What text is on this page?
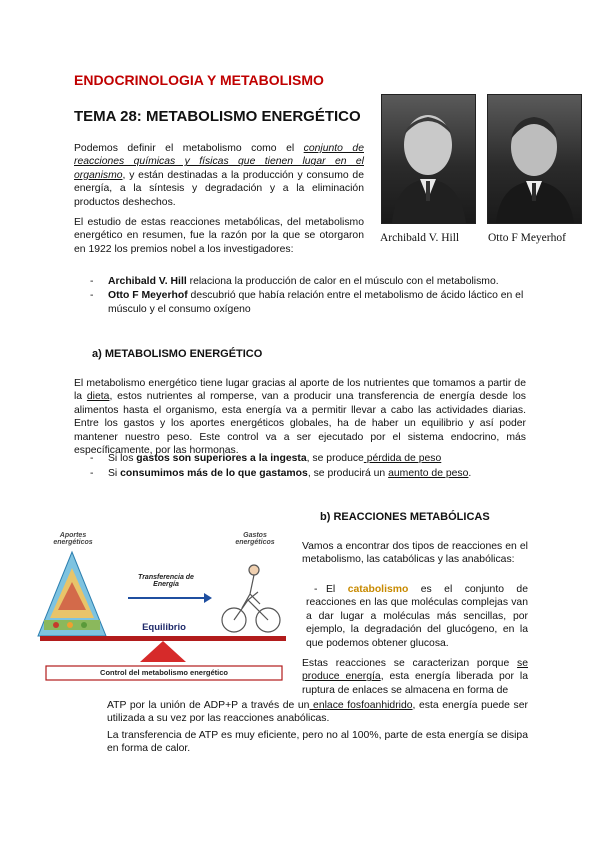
ENDOCRINOLOGIA Y METABOLISMO
TEMA 28: METABOLISMO ENERGÉTICO
Archibald V. Hill	Otto F Meyerhof
Podemos definir el metabolismo como el conjunto de reacciones químicas y físicas que tienen lugar en el organismo, y están destinadas a la producción y consumo de energía, a la síntesis y degradación y a la eliminación productos deshechos.
El estudio de estas reacciones metabólicas, del metabolismo energético en resumen, fue la razón por la que se otorgaron en 1922 los premios nobel a los investigadores:
- Archibald V. Hill relaciona la producción de calor en el músculo con el metabolismo.
- Otto F Meyerhof descubrió que había relación entre el metabolismo de ácido láctico en el músculo y el consumo oxígeno
a) METABOLISMO ENERGÉTICO
El metabolismo energético tiene lugar gracias al aporte de los nutrientes que tomamos a partir de la dieta, estos nutrientes al romperse, van a producir una transferencia de energía desde los alimentos hasta el organismo, esta energía va a permitir llevar a cabo las actividades diarias. Entre los gastos y los aportes energéticos globales, ha de haber un equilibrio y así poder mantener nuestro peso. Este control va a ser ejecutado por el sistema endocrino, más específicamente, por las hormonas.
- Si los gastos son superiores a la ingesta, se produce pérdida de peso
- Si consumimos más de lo que gastamos, se producirá un aumento de peso.
Aportes energéticos
Gastos energéticos
Transferencia de Energía
Equilibrio
Control del metabolismo energético
b) REACCIONES METABÓLICAS
Vamos a encontrar dos tipos de reacciones en el metabolismo, las catabólicas y las anabólicas:
- El catabolismo es el conjunto de reacciones en las que moléculas complejas van a dar lugar a moléculas más sencillas, por ejemplo, la degradación del glucógeno, en la que podemos obtener glucosa.
Estas reacciones se caracterizan porque se produce energía, esta energía liberada por la ruptura de enlaces se almacena en forma de
ATP por la unión de ADP+P a través de un enlace fosfoanhidrido, esta energía puede ser utilizada a su vez por las reacciones anabólicas.
La transferencia de ATP es muy eficiente, pero no al 100%, parte de esta energía se disipa en forma de calor.
